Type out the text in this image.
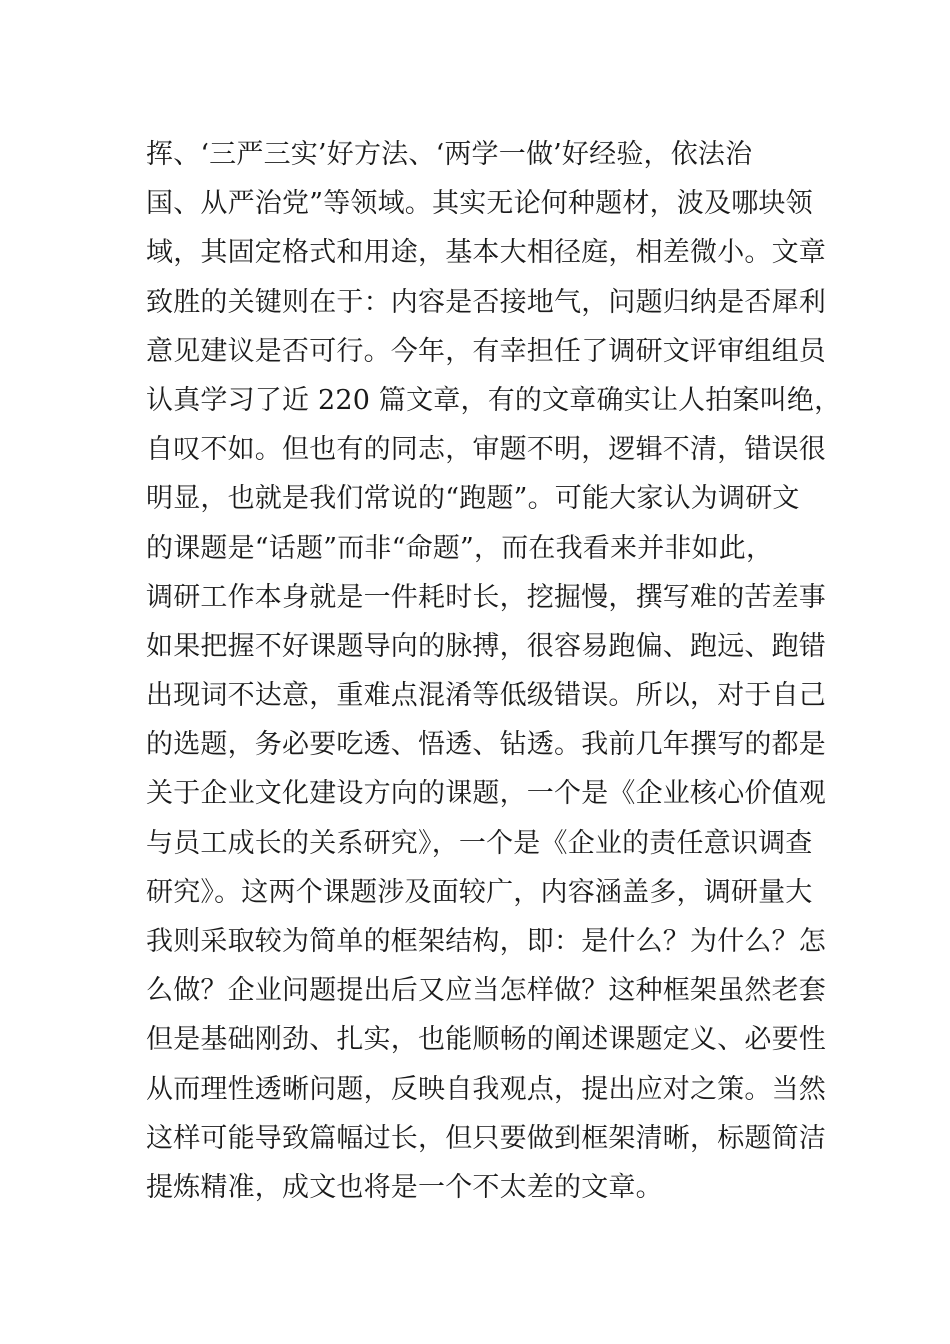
挥、‘三严三实’好方法、‘两学一做’好经验，依法治
国、从严治党”等领域。其实无论何种题材，波及哪块领
域，其固定格式和用途，基本大相径庭，相差微小。文章
致胜的关键则在于：内容是否接地气，问题归纳是否犀利
意见建议是否可行。今年，有幸担任了调研文评审组组员
认真学习了近 220 篇文章，有的文章确实让人拍案叫绝，
自叹不如。但也有的同志，审题不明，逻辑不清，错误很
明显，也就是我们常说的“跑题”。可能大家认为调研文
的课题是“话题”而非“命题”，而在我看来并非如此，
调研工作本身就是一件耗时长，挖掘慢，撰写难的苦差事
如果把握不好课题导向的脉搏，很容易跑偏、跑远、跑错
出现词不达意，重难点混淆等低级错误。所以，对于自己
的选题，务必要吃透、悟透、钻透。我前几年撰写的都是
关于企业文化建设方向的课题，一个是《企业核心价值观
与员工成长的关系研究》，一个是《企业的责任意识调查
研究》。这两个课题涉及面较广，内容涵盖多，调研量大
我则采取较为简单的框架结构，即：是什么？为什么？怎
么做？企业问题提出后又应当怎样做？这种框架虽然老套
但是基础刚劲、扎实，也能顺畅的阐述课题定义、必要性
从而理性透晰问题，反映自我观点，提出应对之策。当然
这样可能导致篇幅过长，但只要做到框架清晰，标题简洁
提炼精准，成文也将是一个不太差的文章。
